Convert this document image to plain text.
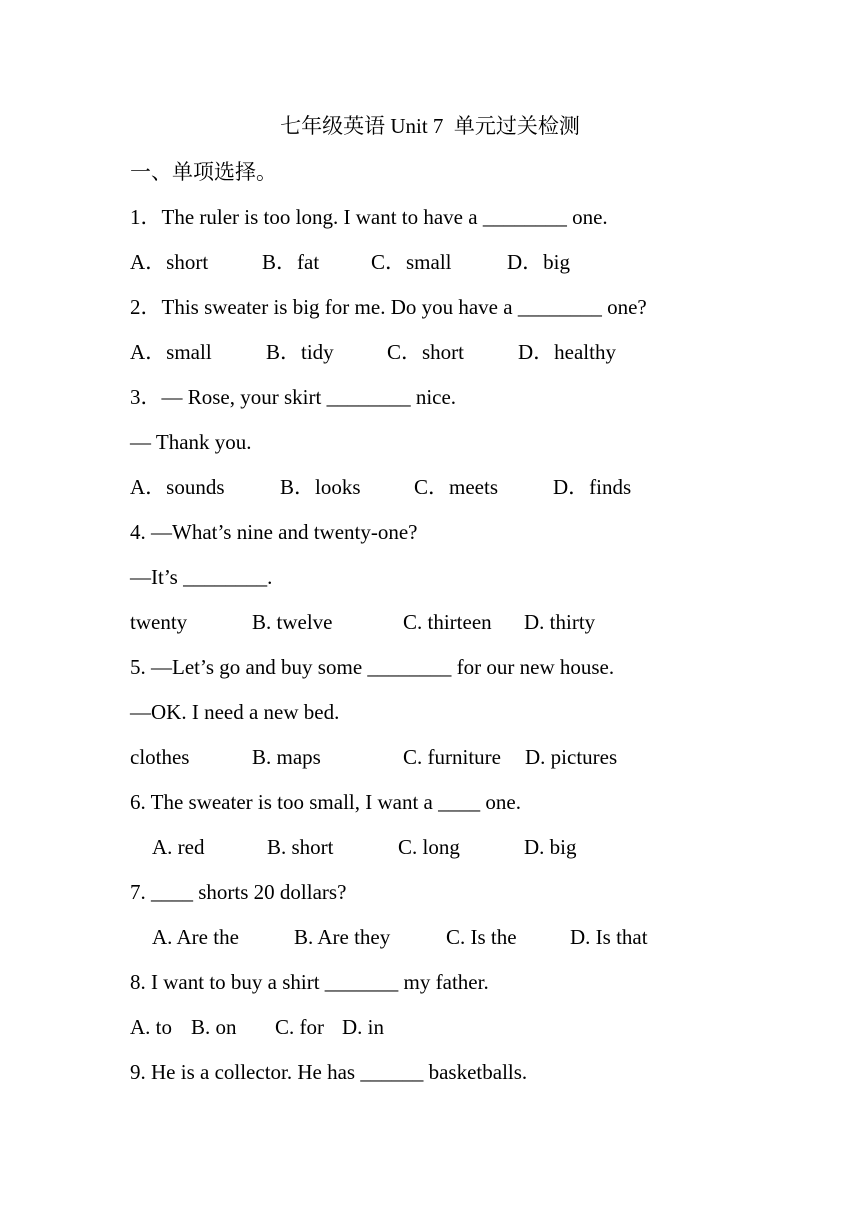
七年级英语 Unit 7  单元过关检测
一、单项选择。
1．The ruler is too long. I want to have a ________ one.
A．short	B．fat C．small	D．big
2．This sweater is big for me. Do you have a ________ one?
A．small	B．tidy	C．short	D．healthy
3．— Rose, your skirt ________ nice.
— Thank you.
A．sounds	B．looks	C．meets	D．finds
4. —What’s nine and twenty-one?
—It’s ________.
twenty	B. twelve	C. thirteen D. thirty
5. —Let’s go and buy some ________ for our new house.
—OK. I need a new bed.
clothes	B. maps	C. furniture D. pictures
6. The sweater is too small, I want a ____ one.
A. red	B. short	C. long	D. big
7. ____ shorts 20 dollars?
A. Are the	B. Are they	C. Is the	D. Is that
8. I want to buy a shirt _______ my father.
A. to B. on C. for D. in
9. He is a collector. He has ______ basketballs.
